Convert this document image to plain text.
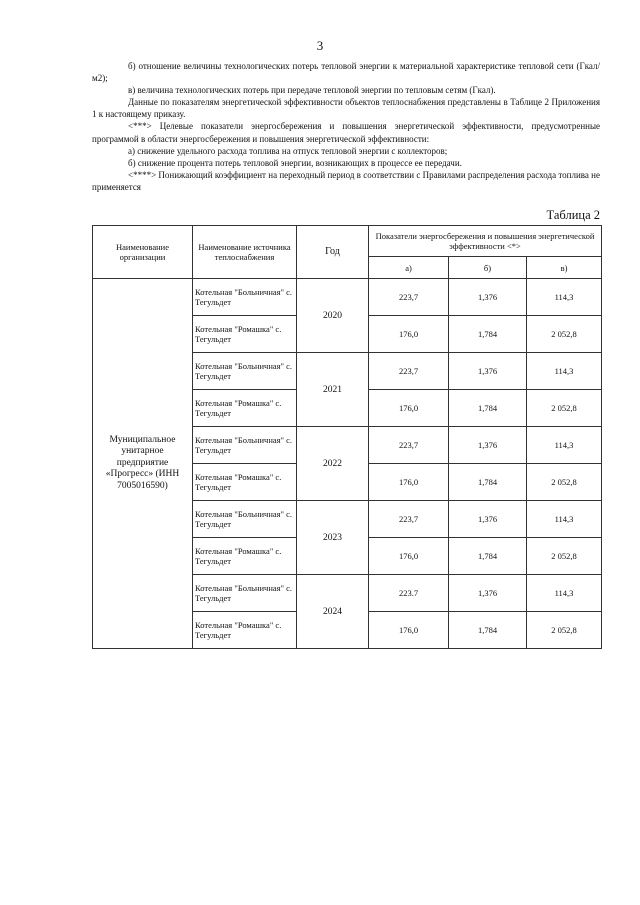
3

б) отношение величины технологических потерь тепловой энергии к материальной характеристике тепловой сети (Гкал/м2);

в) величина технологических потерь при передаче тепловой энергии по тепловым сетям (Гкал).

Данные по показателям энергетической эффективности объектов теплоснабжения представлены в Таблице 2 Приложения 1 к настоящему приказу.

<***> Целевые показатели энергосбережения и повышения энергетической эффективности, предусмотренные программой в области энергосбережения и повышения энергетической эффективности:

а) снижение удельного расхода топлива на отпуск тепловой энергии с коллекторов;

б) снижение процента потерь тепловой энергии, возникающих в процессе ее передачи.

<****> Понижающий коэффициент на переходный период в соответствии с Правилами распределения расхода топлива не применяется

Таблица 2
Наименование организации	Наименование источника теплоснабжения	Год	Показатели энергосбережения и повышения энергетической эффективности <*>		
			а)	б)	в)
Муниципальное унитарное предприятие «Прогресс» (ИНН 7005016590)	Котельная "Больничная" с. Тегульдет	2020	223,7	1,376	114,3
	Котельная "Ромашка" с. Тегульдет		176,0	1,784	2 052,8
	Котельная "Больничная" с. Тегульдет	2021	223,7	1,376	114,3
	Котельная "Ромашка" с. Тегульдет		176,0	1,784	2 052,8
	Котельная "Больничная" с. Тегульдет	2022	223,7	1,376	114,3
	Котельная "Ромашка" с. Тегульдет		176,0	1,784	2 052,8
	Котельная "Больничная" с. Тегульдет	2023	223,7	1,376	114,3
	Котельная "Ромашка" с. Тегульдет		176,0	1,784	2 052,8
	Котельная "Больничная" с. Тегульдет	2024	223.7	1,376	114,3
	Котельная "Ромашка" с. Тегульдет		176,0	1,784	2 052,8
